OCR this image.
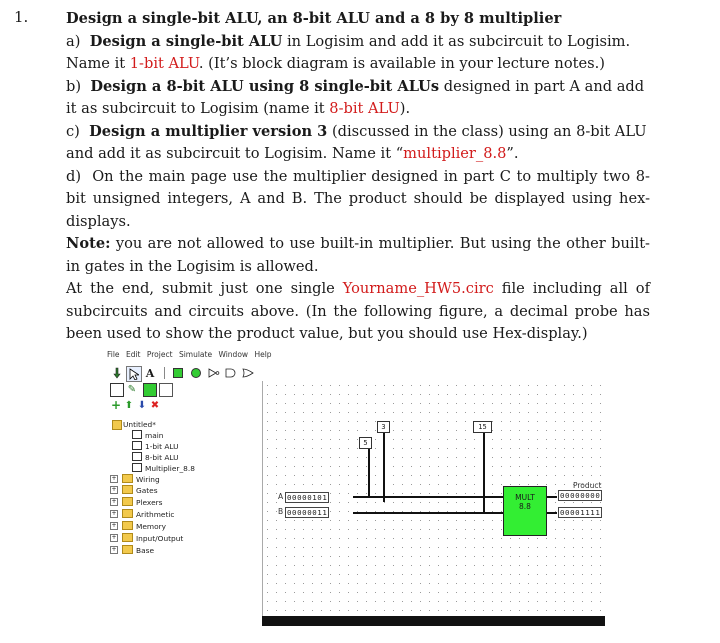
1.	Design a single-bit ALU, an 8-bit ALU and a 8 by 8 multiplier

a)  Design a single-bit ALU in Logisim and add it as subcircuit to Logisim. Name it 1-bit ALU. (It’s block diagram is available in your lecture notes.)

b)  Design a 8-bit ALU using 8 single-bit ALUs designed in part A and add it as subcircuit to Logisim (name it 8-bit ALU).

c)  Design a multiplier version 3 (discussed in the class) using an 8-bit ALU and add it as subcircuit to Logisim. Name it “multiplier_8.8”.

d)  On the main page use the multiplier designed in part C to multiply two 8-bit unsigned integers, A and B. The product should be displayed using hex-displays.

Note: you are not allowed to use built-in multiplier. But using the other built-in gates in the Logisim is allowed.

At the end, submit just one single Yourname_HW5.circ file including all of subcircuits and circuits above. (In the following figure, a decimal probe has been used to show the product value, but you should use Hex-display.)

File Edit Project Simulate Window Help
A
✎
+ ⬆ ⬇ ✖
Untitled*
main
1-bit ALU
8-bit ALU
Multiplier_8.8
+	Wiring
+	Gates
+	Plexers
+	Arithmetic
+	Memory
+	Input/Output
+	Base
5
3	15
A 00000101
B 00000011
MULT
8.8
00000000
00001111
Product
